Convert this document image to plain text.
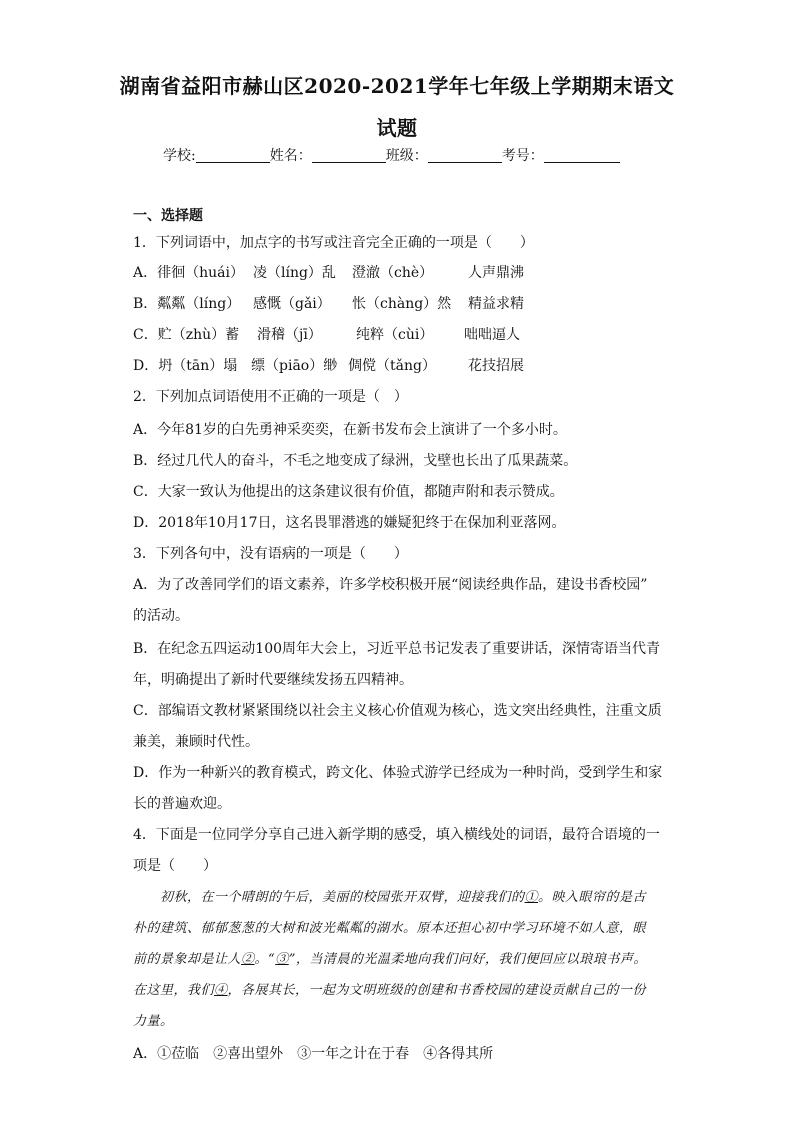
湖南省益阳市赫山区2020-2021学年七年级上学期期末语文
试题
学校:	姓名：	班级：	考号：
一、选择题
1．下列词语中，加点字的书写或注音完全正确的一项是（　　）
A．徘徊（huái） 凌（líng）乱 澄澈（chè） 人声鼎沸
B．粼粼（líng） 感慨（gǎi） 怅（chàng）然 精益求精
C．贮（zhù）蓄 滑稽（jī） 纯粹（cùi） 咄咄逼人
D．坍（tān）塌 缥（piāo）缈 倜傥（tǎng） 花技招展
2．下列加点词语使用不正确的一项是（　）
A．今年81岁的白先勇神采奕奕，在新书发布会上演讲了一个多小时。
B．经过几代人的奋斗，不毛之地变成了绿洲，戈壁也长出了瓜果蔬菜。
C．大家一致认为他提出的这条建议很有价值，都随声附和表示赞成。
D．2018年10月17日，这名畏罪潜逃的嫌疑犯终于在保加利亚落网。
3．下列各句中，没有语病的一项是（　　）
A．为了改善同学们的语文素养，许多学校积极开展“阅读经典作品，建设书香校园”
的活动。
B．在纪念五四运动100周年大会上，习近平总书记发表了重要讲话，深情寄语当代青
年，明确提出了新时代要继续发扬五四精神。
C．部编语文教材紧紧围绕以社会主义核心价值观为核心，选文突出经典性，注重文质
兼美，兼顾时代性。
D．作为一种新兴的教育模式，跨文化、体验式游学已经成为一种时尚，受到学生和家
长的普遍欢迎。
4．下面是一位同学分享自己进入新学期的感受，填入横线处的词语，最符合语境的一
项是（　　）
初秋，在一个晴朗的午后，美丽的校园张开双臂，迎接我们的①。映入眼帘的是古
朴的建筑、郁郁葱葱的大树和波光粼粼的湖水。原本还担心初中学习环境不如人意，眼
前的景象却是让人②。“③”，当清晨的光温柔地向我们问好，我们便回应以琅琅书声。
在这里，我们④，各展其长，一起为文明班级的创建和书香校园的建设贡献自己的一份
力量。
A．①莅临　②喜出望外　③一年之计在于春　④各得其所
